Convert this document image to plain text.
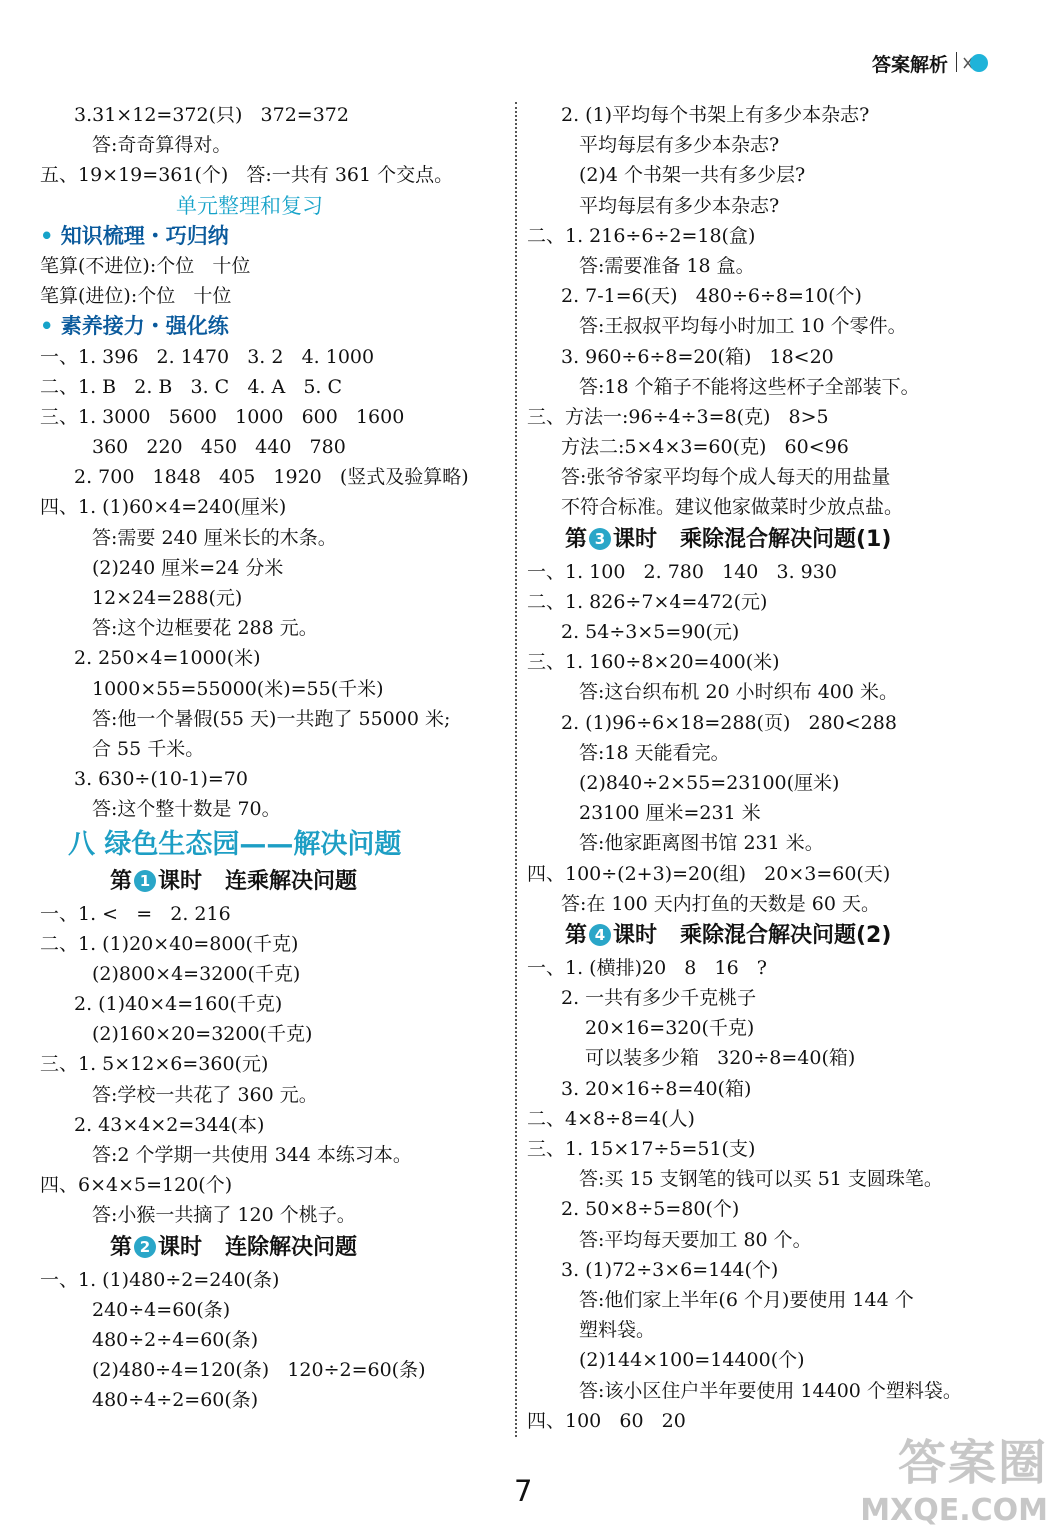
答案解析
3.31×12=372(只)   372=372
答:奇奇算得对。
五、19×19=361(个)   答:一共有 361 个交点。
单元整理和复习
• 知识梳理・巧归纳
笔算(不进位):个位   十位
笔算(进位):个位   十位
• 素养接力・强化练
一、1. 396   2. 1470   3. 2   4. 1000
二、1. B   2. B   3. C   4. A   5. C
三、1. 3000   5600   1000   600   1600
360   220   450   440   780
2. 700   1848   405   1920   (竖式及验算略)
四、1. (1)60×4=240(厘米)
答:需要 240 厘米长的木条。
(2)240 厘米=24 分米
12×24=288(元)
答:这个边框要花 288 元。
2. 250×4=1000(米)
1000×55=55000(米)=55(千米)
答:他一个暑假(55 天)一共跑了 55000 米;
合 55 千米。
3. 630÷(10-1)=70
答:这个整十数是 70。
八 绿色生态园——解决问题
第 1 课时   连乘解决问题
一、1. <   =   2. 216
二、1. (1)20×40=800(千克)
(2)800×4=3200(千克)
2. (1)40×4=160(千克)
(2)160×20=3200(千克)
三、1. 5×12×6=360(元)
答:学校一共花了 360 元。
2. 43×4×2=344(本)
答:2 个学期一共使用 344 本练习本。
四、6×4×5=120(个)
答:小猴一共摘了 120 个桃子。
第 2 课时   连除解决问题
一、1. (1)480÷2=240(条)
240÷4=60(条)
480÷2÷4=60(条)
(2)480÷4=120(条)   120÷2=60(条)
480÷4÷2=60(条)
2. (1)平均每个书架上有多少本杂志?
平均每层有多少本杂志?
(2)4 个书架一共有多少层?
平均每层有多少本杂志?
二、1. 216÷6÷2=18(盒)
答:需要准备 18 盒。
2. 7-1=6(天)   480÷6÷8=10(个)
答:王叔叔平均每小时加工 10 个零件。
3. 960÷6÷8=20(箱)   18<20
答:18 个箱子不能将这些杯子全部装下。
三、方法一:96÷4÷3=8(克)   8>5
方法二:5×4×3=60(克)   60<96
答:张爷爷家平均每个成人每天的用盐量
不符合标准。建议他家做菜时少放点盐。
第 3 课时   乘除混合解决问题(1)
一、1. 100   2. 780   140   3. 930
二、1. 826÷7×4=472(元)
2. 54÷3×5=90(元)
三、1. 160÷8×20=400(米)
答:这台织布机 20 小时织布 400 米。
2. (1)96÷6×18=288(页)   280<288
答:18 天能看完。
(2)840÷2×55=23100(厘米)
23100 厘米=231 米
答:他家距离图书馆 231 米。
四、100÷(2+3)=20(组)   20×3=60(天)
答:在 100 天内打鱼的天数是 60 天。
第 4 课时   乘除混合解决问题(2)
一、1. (横排)20   8   16   ?
2. 一共有多少千克桃子
20×16=320(千克)
可以装多少箱   320÷8=40(箱)
3. 20×16÷8=40(箱)
二、4×8÷8=4(人)
三、1. 15×17÷5=51(支)
答:买 15 支钢笔的钱可以买 51 支圆珠笔。
2. 50×8÷5=80(个)
答:平均每天要加工 80 个。
3. (1)72÷3×6=144(个)
答:他们家上半年(6 个月)要使用 144 个
塑料袋。
(2)144×100=14400(个)
答:该小区住户半年要使用 14400 个塑料袋。
四、100   60   20
7	答案圈
MXQE.COM
